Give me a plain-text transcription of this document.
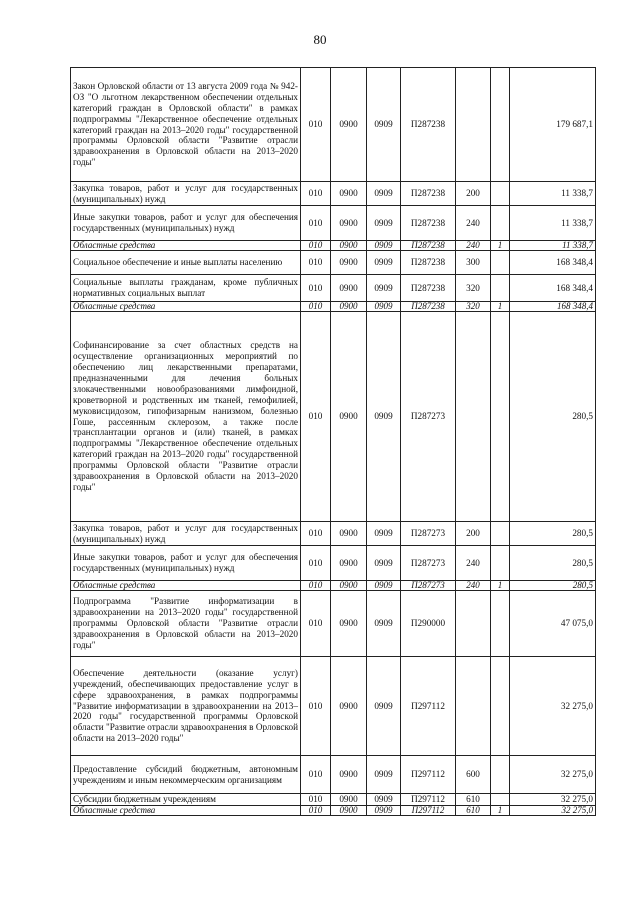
80
Закон Орловской области от 13 августа 2009 года № 942-ОЗ "О льготном лекарственном обеспечении отдельных категорий граждан в Орловской области" в рамках подпрограммы "Лекарственное обеспечение отдельных категорий граждан на 2013–2020 годы" государственной программы Орловской области "Развитие отрасли здравоохранения в Орловской области на 2013–2020 годы"	010	0900	0909	П287238			179 687,1
Закупка товаров, работ и услуг для государственных (муниципальных) нужд	010	0900	0909	П287238	200		11 338,7
Иные закупки товаров, работ и услуг для обеспечения государственных (муниципальных) нужд	010	0900	0909	П287238	240		11 338,7
Областные средства	010	0900	0909	П287238	240	1	11 338,7
Социальное обеспечение и иные выплаты населению	010	0900	0909	П287238	300		168 348,4
Социальные выплаты гражданам, кроме публичных нормативных социальных выплат	010	0900	0909	П287238	320		168 348,4
Областные средства	010	0900	0909	П287238	320	1	168 348,4
Софинансирование за счет областных средств на осуществление организационных мероприятий по обеспечению лиц лекарственными препаратами, предназначенными для лечения больных злокачественными новообразованиями лимфоидной, кроветворной и родственных им тканей, гемофилией, муковисцидозом, гипофизарным нанизмом, болезнью Гоше, рассеянным склерозом, а также после трансплантации органов и (или) тканей, в рамках подпрограммы "Лекарственное обеспечение отдельных категорий граждан на 2013–2020 годы" государственной программы Орловской области "Развитие отрасли здравоохранения в Орловской области на 2013–2020 годы"	010	0900	0909	П287273			280,5
Закупка товаров, работ и услуг для государственных (муниципальных) нужд	010	0900	0909	П287273	200		280,5
Иные закупки товаров, работ и услуг для обеспечения государственных (муниципальных) нужд	010	0900	0909	П287273	240		280,5
Областные средства	010	0900	0909	П287273	240	1	280,5
Подпрограмма "Развитие информатизации в здравоохранении на 2013–2020 годы" государственной программы Орловской области "Развитие отрасли здравоохранения в Орловской области на 2013–2020 годы"	010	0900	0909	П290000			47 075,0
Обеспечение деятельности (оказание услуг) учреждений, обеспечивающих предоставление услуг в сфере здравоохранения, в рамках подпрограммы "Развитие информатизации в здравоохранении на 2013–2020 годы" государственной программы Орловской области "Развитие отрасли здравоохранения в Орловской области на 2013–2020 годы"	010	0900	0909	П297112			32 275,0
Предоставление субсидий бюджетным, автономным учреждениям и иным некоммерческим организациям	010	0900	0909	П297112	600		32 275,0
Субсидии бюджетным учреждениям	010	0900	0909	П297112	610		32 275,0
Областные средства	010	0900	0909	П297112	610	1	32 275,0
